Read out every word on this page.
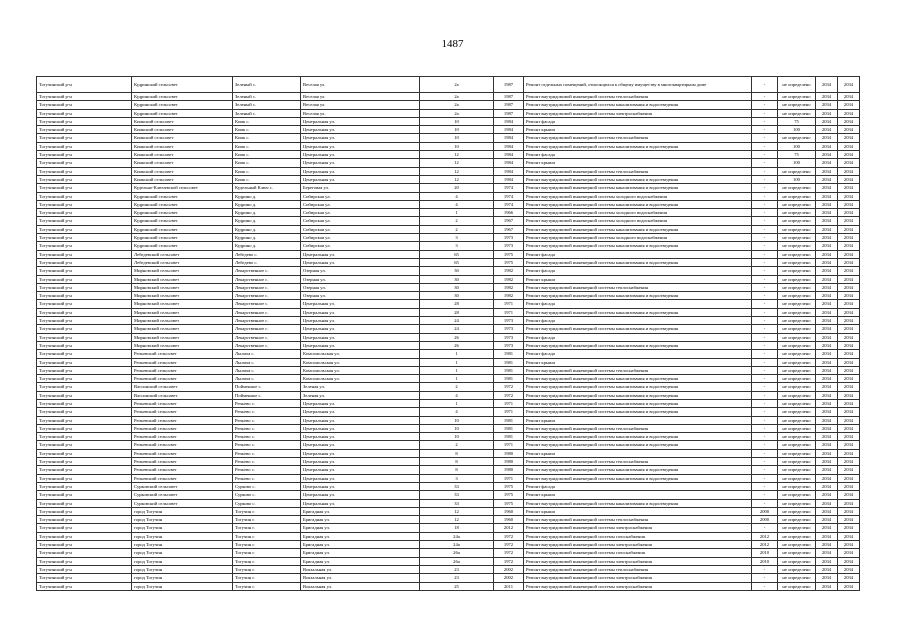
1487
Тогучинский р-н	Кудринский сельсовет	Зеленый с.	Веселая ул.	2а	1987	Ремонт отдельных помещений, относящихся к общему имуществу в многоквартирном доме	-	не определено	2034	2034
Тогучинский р-н	Кудринский сельсовет	Зеленый с.	Веселая ул.	2а	1987	Ремонт внутридомовой инженерной системы теплоснабжения	-	не определено	2034	2034
Тогучинский р-н	Кудринский сельсовет	Зеленый с.	Веселая ул.	2а	1987	Ремонт внутридомовой инженерной системы канализования и водоотведения	-	не определено	2034	2034
Тогучинский р-н	Кудринский сельсовет	Зеленый с.	Веселая ул.	2а	1987	Ремонт внутридомовой инженерной системы электроснабжения	-	не определено	2034	2034
Тогучинский р-н	Киикский сельсовет	Киик с.	Центральная ул.	10	1984	Ремонт фасада	-	75	2034	2034
Тогучинский р-н	Киикский сельсовет	Киик с.	Центральная ул.	10	1984	Ремонт крыши	-	100	2034	2034
Тогучинский р-н	Киикский сельсовет	Киик с.	Центральная ул.	10	1984	Ремонт внутридомовой инженерной системы теплоснабжения	-	не определено	2034	2034
Тогучинский р-н	Киикский сельсовет	Киик с.	Центральная ул.	10	1984	Ремонт внутридомовой инженерной системы канализования и водоотведения	-	100	2034	2034
Тогучинский р-н	Киикский сельсовет	Киик с.	Центральная ул.	12	1984	Ремонт фасада	-	75	2034	2034
Тогучинский р-н	Киикский сельсовет	Киик с.	Центральная ул.	12	1984	Ремонт крыши	-	100	2034	2034
Тогучинский р-н	Киикский сельсовет	Киик с.	Центральная ул.	12	1984	Ремонт внутридомовой инженерной системы теплоснабжения	-	не определено	2034	2034
Тогучинский р-н	Киикский сельсовет	Киик с.	Центральная ул.	12	1984	Ремонт внутридомовой инженерной системы канализования и водоотведения	-	100	2034	2034
Тогучинский р-н	Кудельно-Ключевской сельсовет	Кудельный Ключ с.	Береговая ул.	20	1974	Ремонт внутридомовой инженерной системы канализования и водоотведения	-	не определено	2034	2034
Тогучинский р-н	Кудринский сельсовет	Кудрино д.	Сибирская ул.	4	1974	Ремонт внутридомовой инженерной системы холодного водоснабжения	-	не определено	2034	2034
Тогучинский р-н	Кудринский сельсовет	Кудрино д.	Сибирская ул.	4	1974	Ремонт внутридомовой инженерной системы канализования и водоотведения	-	не определено	2034	2034
Тогучинский р-н	Кудринский сельсовет	Кудрино д.	Сибирская ул.	1	1966	Ремонт внутридомовой инженерной системы холодного водоснабжения	-	не определено	2034	2034
Тогучинский р-н	Кудринский сельсовет	Кудрино д.	Сибирская ул.	2	1967	Ремонт внутридомовой инженерной системы холодного водоснабжения	-	не определено	2034	2034
Тогучинский р-н	Кудринский сельсовет	Кудрино д.	Сибирская ул.	2	1967	Ремонт внутридомовой инженерной системы канализования и водоотведения	-	не определено	2034	2034
Тогучинский р-н	Кудринский сельсовет	Кудрино д.	Сибирская ул.	3	1973	Ремонт внутридомовой инженерной системы холодного водоснабжения	-	не определено	2034	2034
Тогучинский р-н	Кудринский сельсовет	Кудрино д.	Сибирская ул.	3	1973	Ремонт внутридомовой инженерной системы канализования и водоотведения	-	не определено	2034	2034
Тогучинский р-н	Лебедевский сельсовет	Лебедево с.	Центральная ул.	65	1975	Ремонт фасада	-	не определено	2034	2034
Тогучинский р-н	Лебедевский сельсовет	Лебедево с.	Центральная ул.	65	1975	Ремонт внутридомовой инженерной системы канализования и водоотведения	-	не определено	2034	2034
Тогучинский р-н	Мирновский сельсовет	Лекарственное с.	Озерная ул.	30	1982	Ремонт фасада	-	не определено	2034	2034
Тогучинский р-н	Мирновский сельсовет	Лекарственное с.	Озерная ул.	30	1982	Ремонт крыши	-	не определено	2034	2034
Тогучинский р-н	Мирновский сельсовет	Лекарственное с.	Озерная ул.	30	1982	Ремонт внутридомовой инженерной системы теплоснабжения	-	не определено	2034	2034
Тогучинский р-н	Мирновский сельсовет	Лекарственное с.	Озерная ул.	30	1982	Ремонт внутридомовой инженерной системы канализования и водоотведения	-	не определено	2034	2034
Тогучинский р-н	Мирновский сельсовет	Лекарственное с.	Центральная ул.	28	1971	Ремонт фасада	-	не определено	2034	2034
Тогучинский р-н	Мирновский сельсовет	Лекарственное с.	Центральная ул.	28	1971	Ремонт внутридомовой инженерной системы канализования и водоотведения	-	не определено	2034	2034
Тогучинский р-н	Мирновский сельсовет	Лекарственное с.	Центральная ул.	24	1973	Ремонт фасада	-	не определено	2034	2034
Тогучинский р-н	Мирновский сельсовет	Лекарственное с.	Центральная ул.	24	1973	Ремонт внутридомовой инженерной системы канализования и водоотведения	-	не определено	2034	2034
Тогучинский р-н	Мирновский сельсовет	Лекарственное с.	Центральная ул.	26	1973	Ремонт фасада	-	не определено	2034	2034
Тогучинский р-н	Мирновский сельсовет	Лекарственное с.	Центральная ул.	26	1973	Ремонт внутридомовой инженерной системы канализования и водоотведения	-	не определено	2034	2034
Тогучинский р-н	Репьевский сельсовет	Лылиха с.	Комсомольская ул.	1	1981	Ремонт фасада	-	не определено	2034	2034
Тогучинский р-н	Репьевский сельсовет	Лылиха с.	Комсомольская ул.	1	1981	Ремонт крыши	-	не определено	2034	2034
Тогучинский р-н	Репьевский сельсовет	Лылиха с.	Комсомольская ул.	1	1981	Ремонт внутридомовой инженерной системы теплоснабжения	-	не определено	2034	2034
Тогучинский р-н	Репьевский сельсовет	Лылиха с.	Комсомольская ул.	1	1981	Ремонт внутридомовой инженерной системы канализования и водоотведения	-	не определено	2034	2034
Тогучинский р-н	Вассинский сельсовет	Пойменное с.	Зеленая ул.	2	1972	Ремонт внутридомовой инженерной системы канализования и водоотведения	-	не определено	2034	2034
Тогучинский р-н	Вассинский сельсовет	Пойменное с.	Зеленая ул.	4	1972	Ремонт внутридомовой инженерной системы канализования и водоотведения	-	не определено	2034	2034
Тогучинский р-н	Репьевский сельсовет	Репьево с.	Центральная ул.	1	1971	Ремонт внутридомовой инженерной системы канализования и водоотведения	-	не определено	2034	2034
Тогучинский р-н	Репьевский сельсовет	Репьево с.	Центральная ул.	4	1971	Ремонт внутридомовой инженерной системы канализования и водоотведения	-	не определено	2034	2034
Тогучинский р-н	Репьевский сельсовет	Репьево с.	Центральная ул.	10	1981	Ремонт крыши	-	не определено	2034	2034
Тогучинский р-н	Репьевский сельсовет	Репьево с.	Центральная ул.	10	1981	Ремонт внутридомовой инженерной системы теплоснабжения	-	не определено	2034	2034
Тогучинский р-н	Репьевский сельсовет	Репьево с.	Центральная ул.	10	1981	Ремонт внутридомовой инженерной системы канализования и водоотведения	-	не определено	2034	2034
Тогучинский р-н	Репьевский сельсовет	Репьево с.	Центральная ул.	2	1971	Ремонт внутридомовой инженерной системы канализования и водоотведения	-	не определено	2034	2034
Тогучинский р-н	Репьевский сельсовет	Репьево с.	Центральная ул.	8	1980	Ремонт крыши	-	не определено	2034	2034
Тогучинский р-н	Репьевский сельсовет	Репьево с.	Центральная ул.	8	1980	Ремонт внутридомовой инженерной системы теплоснабжения	-	не определено	2034	2034
Тогучинский р-н	Репьевский сельсовет	Репьево с.	Центральная ул.	8	1980	Ремонт внутридомовой инженерной системы канализования и водоотведения	-	не определено	2034	2034
Тогучинский р-н	Репьевский сельсовет	Репьево с.	Центральная ул.	3	1971	Ремонт внутридомовой инженерной системы канализования и водоотведения	-	не определено	2034	2034
Тогучинский р-н	Сурковский сельсовет	Сурково с.	Центральная ул.	33	1975	Ремонт фасада	-	не определено	2034	2034
Тогучинский р-н	Сурковский сельсовет	Сурково с.	Центральная ул.	33	1975	Ремонт крыши	-	не определено	2034	2034
Тогучинский р-н	Сурковский сельсовет	Сурково с.	Центральная ул.	33	1975	Ремонт внутридомовой инженерной системы канализования и водоотведения	-	не определено	2034	2034
Тогучинский р-н	город Тогучин	Тогучин г.	Бригадная ул.	12	1960	Ремонт крыши	2000	не определено	2034	2034
Тогучинский р-н	город Тогучин	Тогучин г.	Бригадная ул.	12	1960	Ремонт внутридомовой инженерной системы теплоснабжения	2000	не определено	2034	2034
Тогучинский р-н	город Тогучин	Тогучин г.	Бригадная ул.	18	2012	Ремонт внутридомовой инженерной системы электроснабжения	-	не определено	2034	2034
Тогучинский р-н	город Тогучин	Тогучин г.	Бригадная ул.	24а	1972	Ремонт внутридомовой инженерной системы газоснабжения	2012	не определено	2034	2034
Тогучинский р-н	город Тогучин	Тогучин г.	Бригадная ул.	24а	1972	Ремонт внутридомовой инженерной системы электроснабжения	2012	не определено	2034	2034
Тогучинский р-н	город Тогучин	Тогучин г.	Бригадная ул.	26а	1972	Ремонт внутридомовой инженерной системы газоснабжения	2010	не определено	2034	2034
Тогучинский р-н	город Тогучин	Тогучин г.	Бригадная ул.	26а	1972	Ремонт внутридомовой инженерной системы электроснабжения	2010	не определено	2034	2034
Тогучинский р-н	город Тогучин	Тогучин г.	Вокзальная ул.	23	2002	Ремонт внутридомовой инженерной системы теплоснабжения	-	не определено	2034	2034
Тогучинский р-н	город Тогучин	Тогучин г.	Вокзальная ул.	23	2002	Ремонт внутридомовой инженерной системы электроснабжения	-	не определено	2034	2034
Тогучинский р-н	город Тогучин	Тогучин г.	Вокзальная ул.	25	2011	Ремонт внутридомовой инженерной системы электроснабжения	-	не определено	2034	2034
